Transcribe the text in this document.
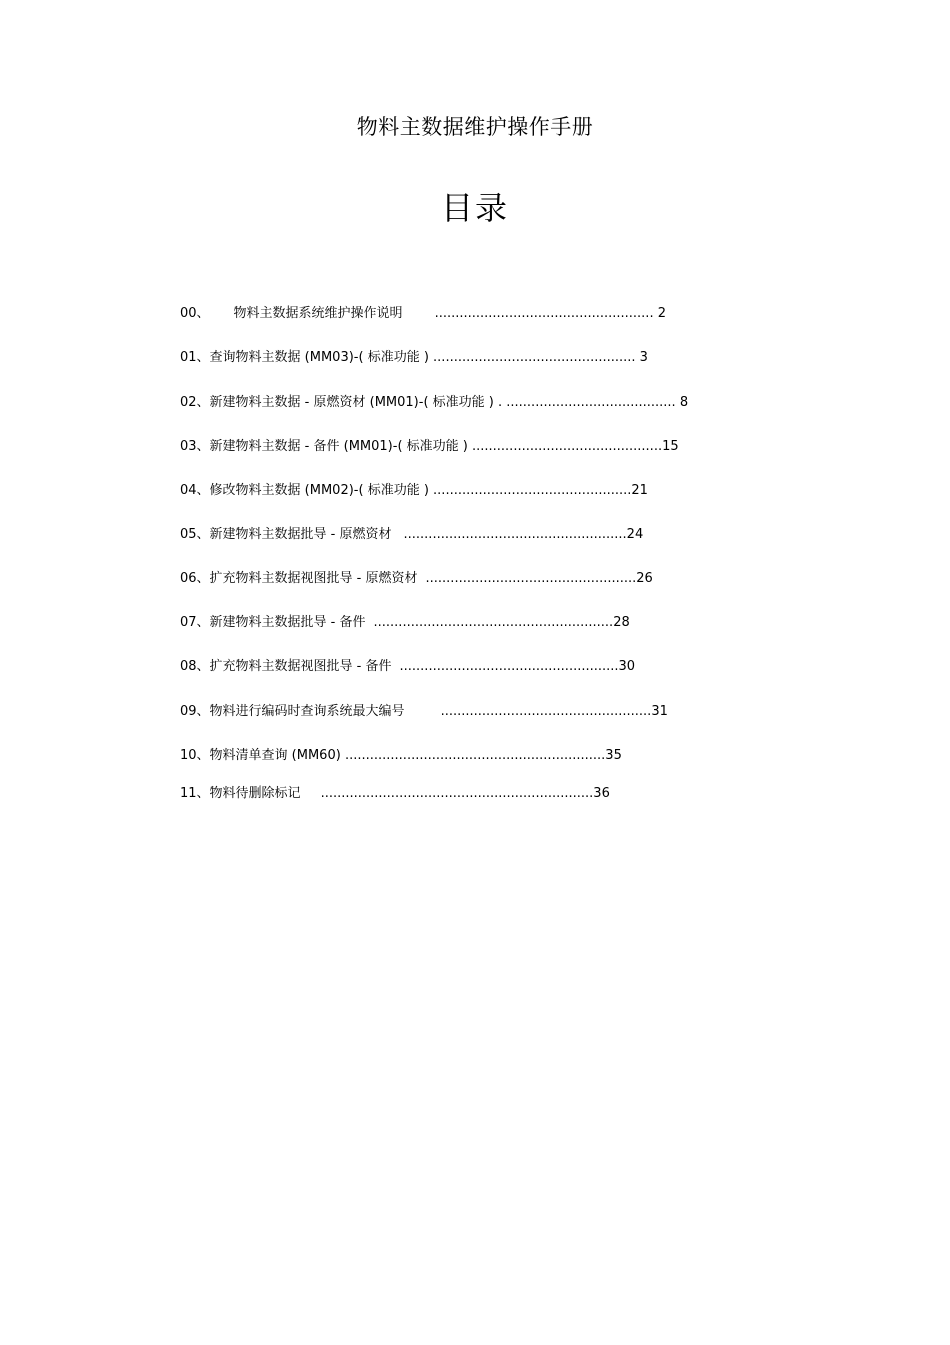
物料主数据维护操作手册
目录
00、 物料主数据系统维护操作说明 ..................................................... 2
01、查询物料主数据 (MM03)-( 标准功能 ) ................................................. 3
02、新建物料主数据 - 原燃资材 (MM01)-( 标准功能 ) . ......................................... 8
03、新建物料主数据 - 备件 (MM01)-( 标准功能 ) ..............................................15
04、修改物料主数据 (MM02)-( 标准功能 ) ................................................21
05、新建物料主数据批导 - 原燃资材 ......................................................24
06、扩充物料主数据视图批导 - 原燃资材 ...................................................26
07、新建物料主数据批导 - 备件 ..........................................................28
08、扩充物料主数据视图批导 - 备件 .....................................................30
09、物料进行编码时查询系统最大编号	...................................................31
10、物料清单查询 (MM60) ...............................................................35
11、物料待删除标记 ..................................................................36
